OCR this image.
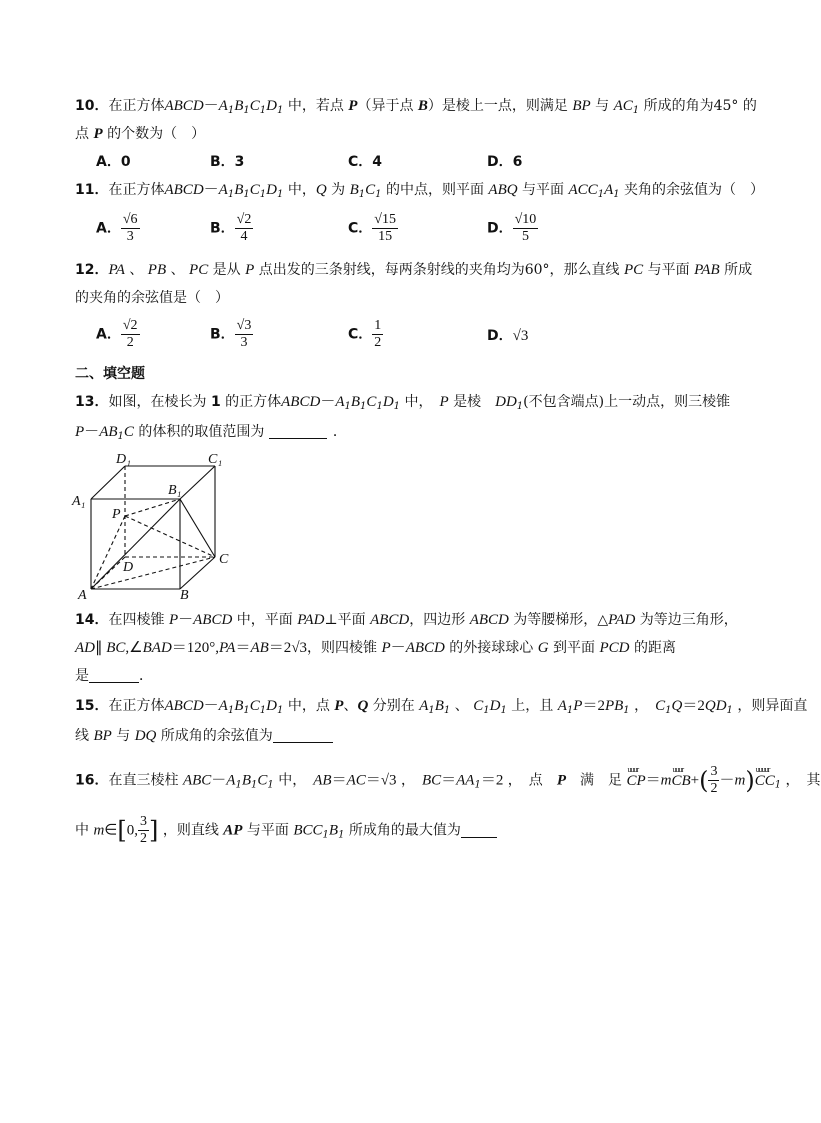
10．在正方体$ABCD-A_1B_1C_1D_1$ 中，若点 P（异于点 B）是棱上一点，则满足 BP 与 $AC_1$ 所成的角为45° 的
点 P 的个数为（　）
A．0	B．3	C．4	D．6
11．在正方体$ABCD-A_1B_1C_1D_1$ 中，Q 为 $B_1C_1$ 的中点，则平面 ABQ 与平面 $ACC_1A_1$ 夹角的余弦值为（　）
A． $\frac{√6}{3}$	B． $\frac{√2}{4}$	C． $\frac{√15}{15}$	D． $\frac{√10}{5}$
12．PA 、 PB 、 PC 是从 P 点出发的三条射线，每两条射线的夹角均为60°，那么直线 PC 与平面 PAB 所成
的夹角的余弦值是（　）
A． $\frac{√2}{2}$	B． $\frac{√3}{3}$	C． $\frac{1}{2}$	D．√3
二、填空题
13．如图，在棱长为 1 的正方体$ABCD-A_1B_1C_1D_1$ 中，　P 是棱　$DD_1$(不包含端点)上一动点，则三棱锥
$P-AB_1C$ 的体积的取值范围为	．
D₁	C₁
A₁
B₁
P
D
C
A	B
14．在四棱锥 P－ABCD 中，平面 PAD⊥平面 ABCD，四边形 ABCD 为等腰梯形，△PAD 为等边三角形，
AD∥ BC,∠BAD＝120°,PA＝AB＝2√3，则四棱锥 P－ABCD 的外接球球心 G 到平面 PCD 的距离
是	．
15．在正方体$ABCD-A_1B_1C_1D_1$ 中，点 P、Q 分别在 $A_1B_1$ 、 $C_1D_1$ 上，且 $A_1P=2PB_1$ ，　$C_1Q=2QD_1$ ，则异面直
线 BP 与 DQ 所成角的余弦值为
16．在直三棱柱 $ABC-A_1B_1C_1$ 中，　AB＝AC＝√3 ，　$BC=AA_1=2$ ，　点　P　满　足 uuur CP＝muuur $CB+( \frac{3}{2}$ －m)uuuur $CC_1$ ，　其
中 m∈[0, $\frac{3}{2}$ ] ，则直线 AP 与平面 $BCC_1B_1$ 所成角的最大值为
